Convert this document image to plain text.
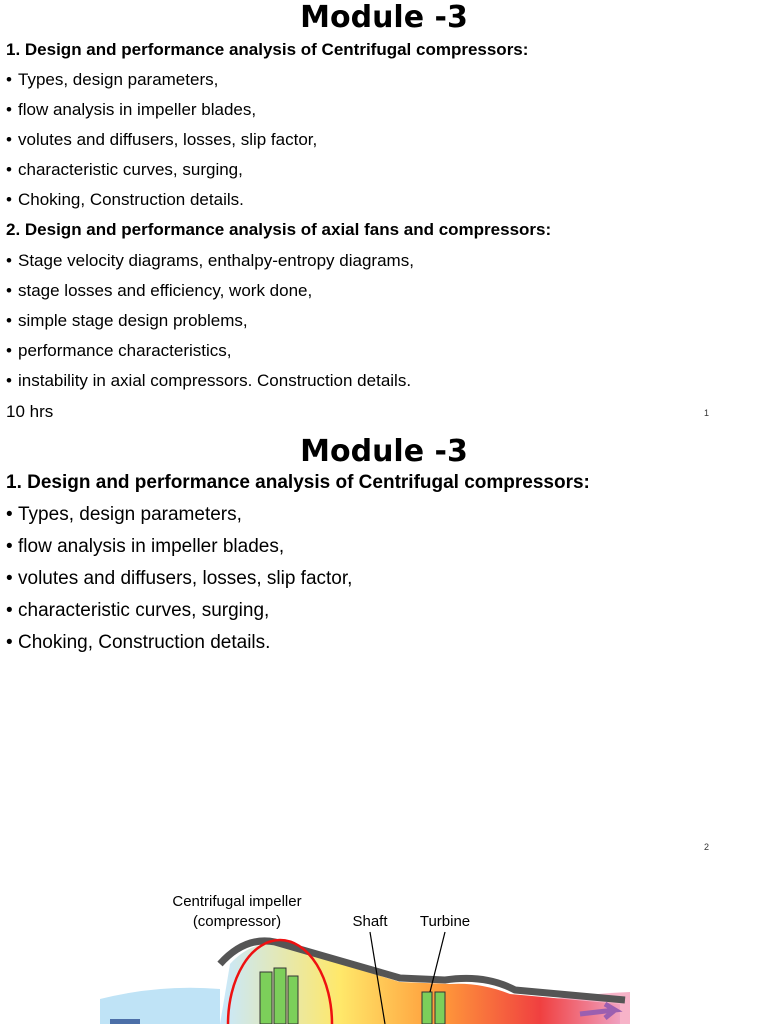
Module -3
1. Design and performance analysis of Centrifugal compressors:
• Types, design parameters,
• flow analysis in impeller blades,
• volutes and diffusers, losses, slip factor,
• characteristic curves, surging,
• Choking, Construction details.
2. Design and performance analysis of axial fans and compressors:
• Stage velocity diagrams, enthalpy-entropy diagrams,
• stage losses and efficiency, work done,
• simple stage design problems,
• performance characteristics,
• instability in axial compressors. Construction details.
10 hrs	1
Module -3
1. Design and performance analysis of Centrifugal compressors:
• Types, design parameters,
• flow analysis in impeller blades,
• volutes and diffusers, losses, slip factor,
• characteristic curves, surging,
• Choking, Construction details.
2
Centrifugal impeller
(compressor)	Shaft Turbine
